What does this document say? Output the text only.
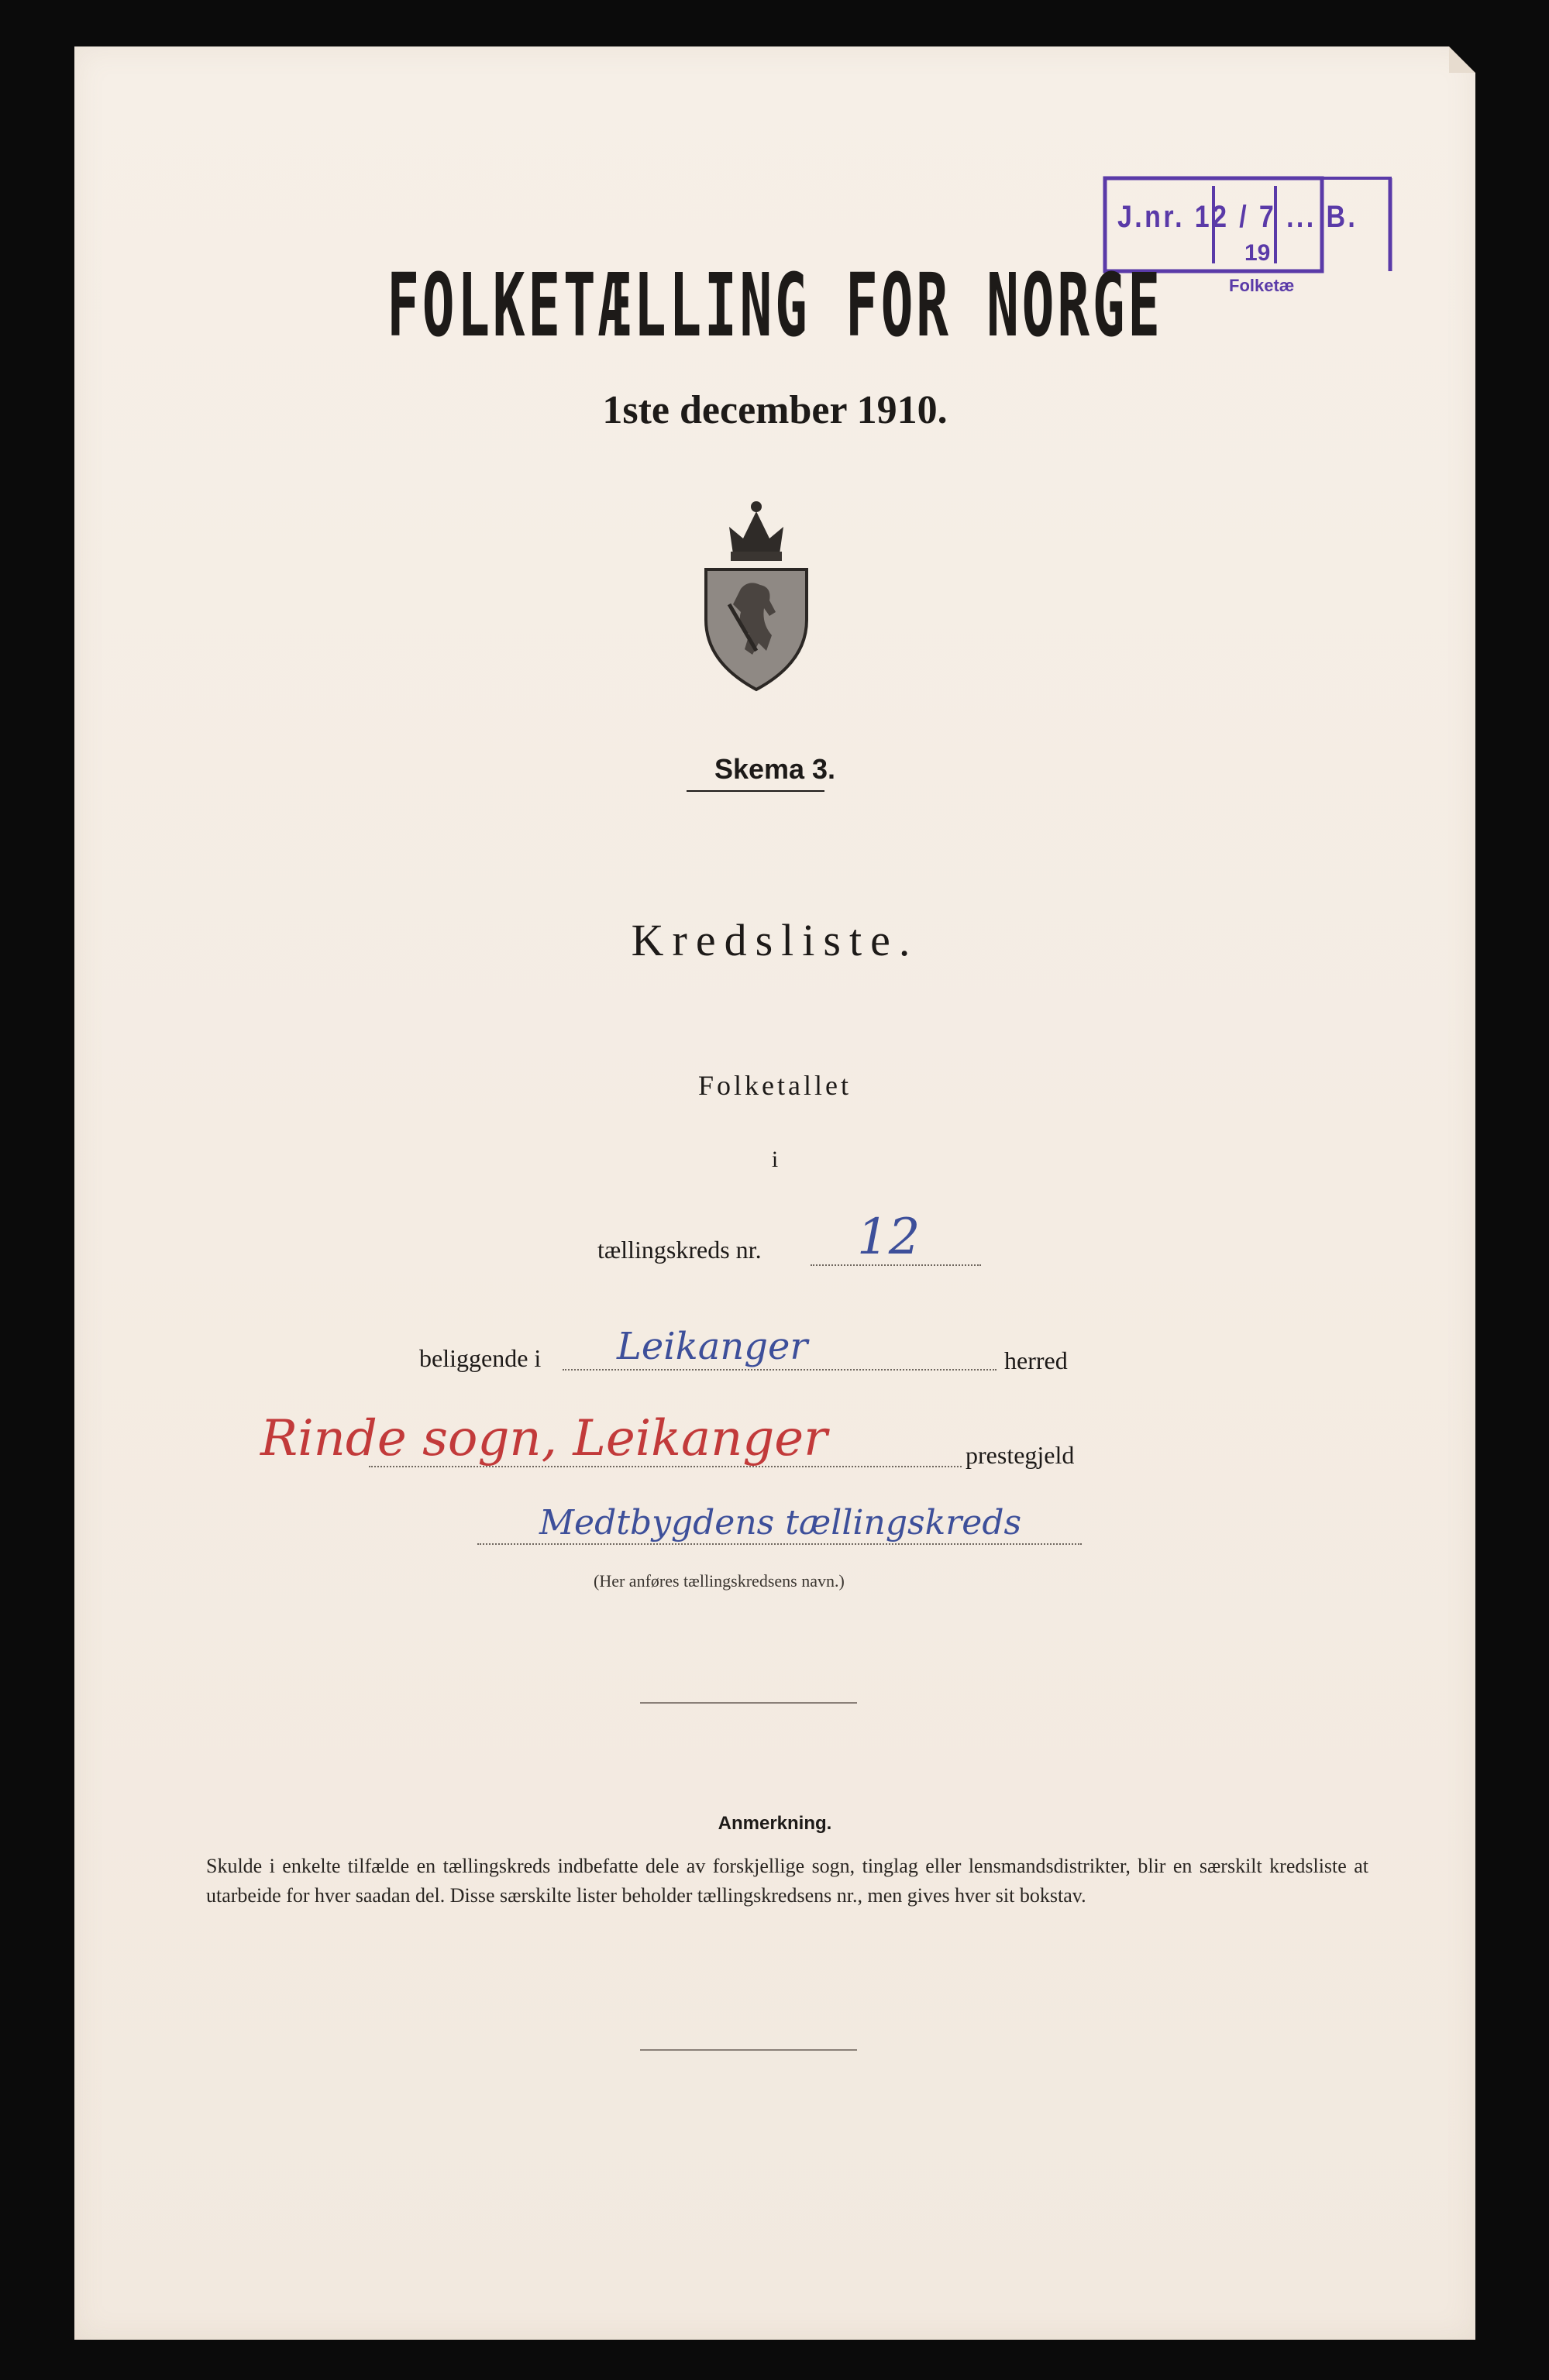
J.nr. 12 / 7 ... B.
19
Folketæ
FOLKETÆLLING FOR NORGE
1ste december 1910.
Skema 3.
Kredsliste.
Folketallet
i
tællingskreds nr. 12
beliggende i Leikanger	herred
Rinde sogn, Leikanger	prestegjeld
Medtbygdens tællingskreds
(Her anføres tællingskredsens navn.)
Anmerkning.
Skulde i enkelte tilfælde en tællingskreds indbefatte dele av forskjellige sogn, tinglag eller lensmandsdistrikter, blir en særskilt kredsliste at utarbeide for hver saadan del. Disse særskilte lister beholder tællingskredsens nr., men gives hver sit bokstav.
